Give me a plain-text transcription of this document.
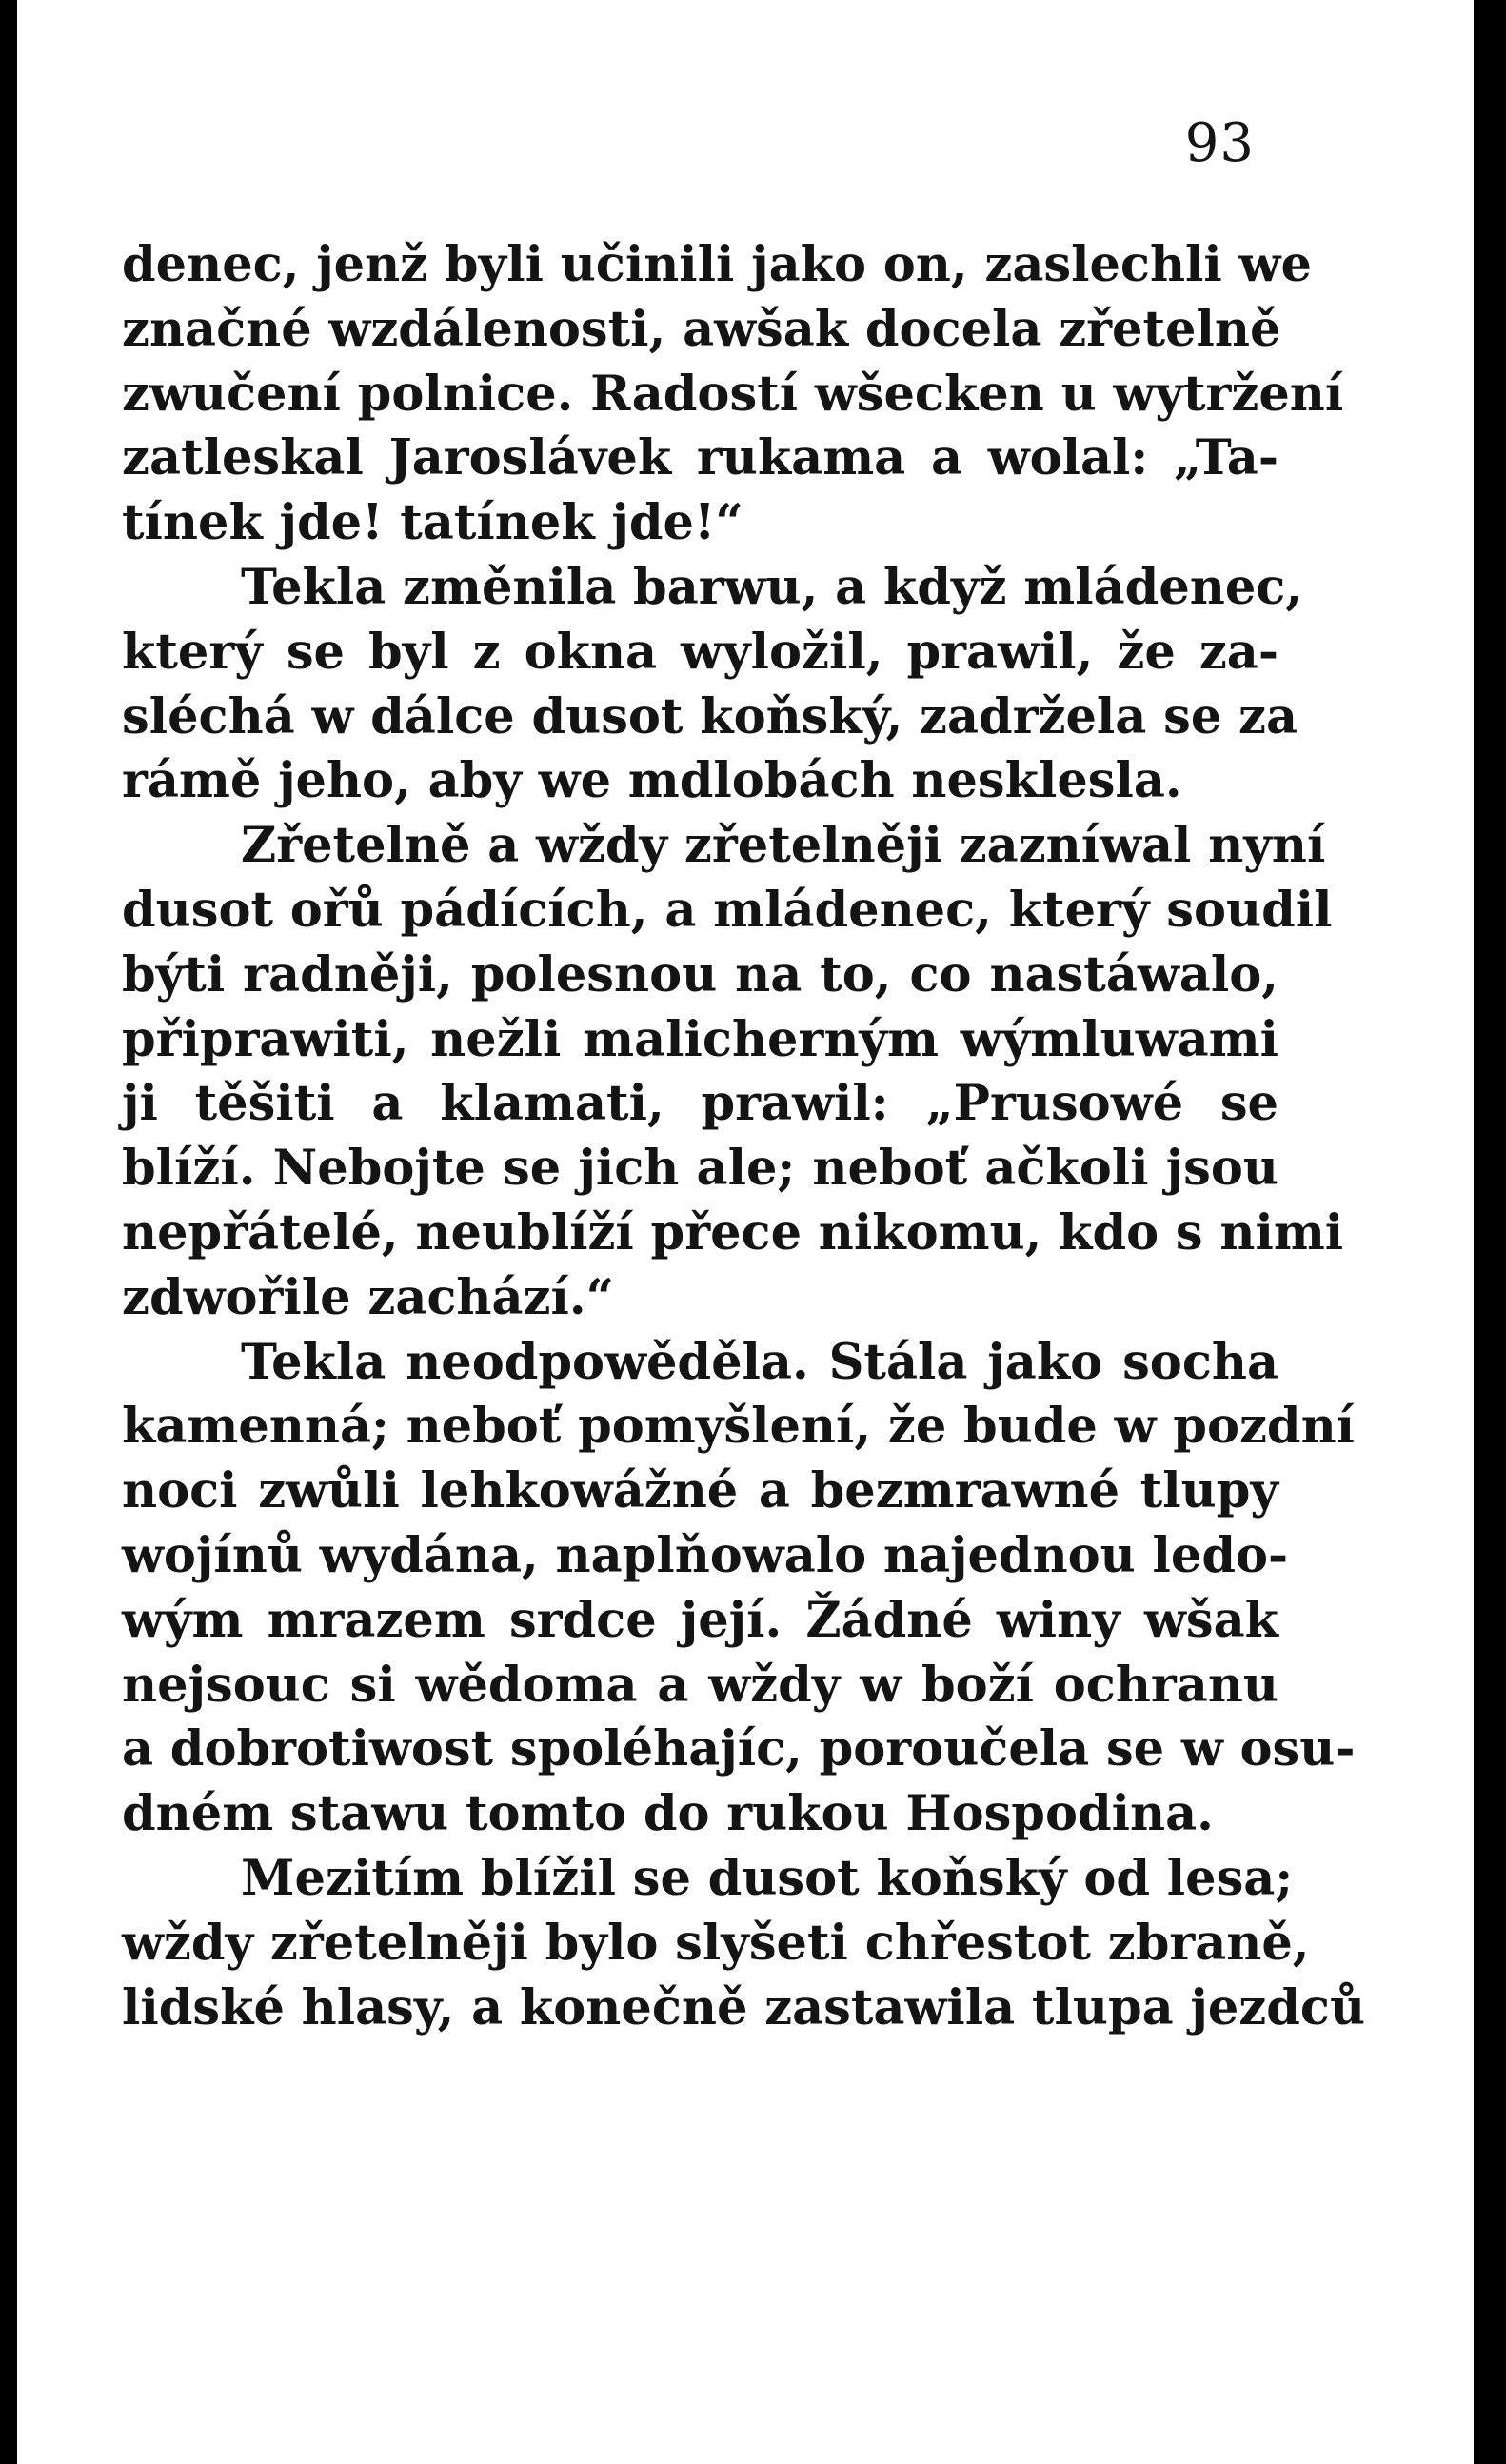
93
denec, jenž byli učinili jako on, zaslechli we
značné wzdálenosti, awšak docela zřetelně
zwučení polnice. Radostí wšecken u wytržení
zatleskal Jaroslávek rukama a wolal: „Ta-
tínek jde! tatínek jde!“
Tekla změnila barwu, a když mládenec,
který se byl z okna wyložil, prawil, že za-
sléchá w dálce dusot koňský, zadržela se za
rámě jeho, aby we mdlobách neskleslа.
Zřetelně a wždy zřetelněji zazníwal nyní
dusot ořů pádících, a mládenec, který soudil
býti radněji, polesnou na to, co nastáwalo,
připrawiti, nežli malicherným wýmluwami
ji těšiti a klamati, prawil: „Prusowé se
blíží. Nebojte se jich ale; neboť ačkoli jsou
nepřátelé, neublíží přece nikomu, kdo s nimi
zdwořile zachází.“
Tekla neodpowěděla. Stála jako socha
kamenná; neboť pomyšlení, že bude w pozdní
noci zwůli lehkowážné a bezmrawné tlupy
wojínů wydána, naplňowalo najednou ledo-
wým mrazem srdce její. Žádné winy wšak
nejsouc si wědoma a wždy w boží ochranu
a dobrotiwost spoléhajíc, poroučela se w osu-
dném stawu tomto do rukou Hospodina.
Mezitím blížil se dusot koňský od lesa;
wždy zřetelněji bylo slyšeti chřestot zbraně,
lidské hlasy, a konečně zastawila tlupa jezdců
